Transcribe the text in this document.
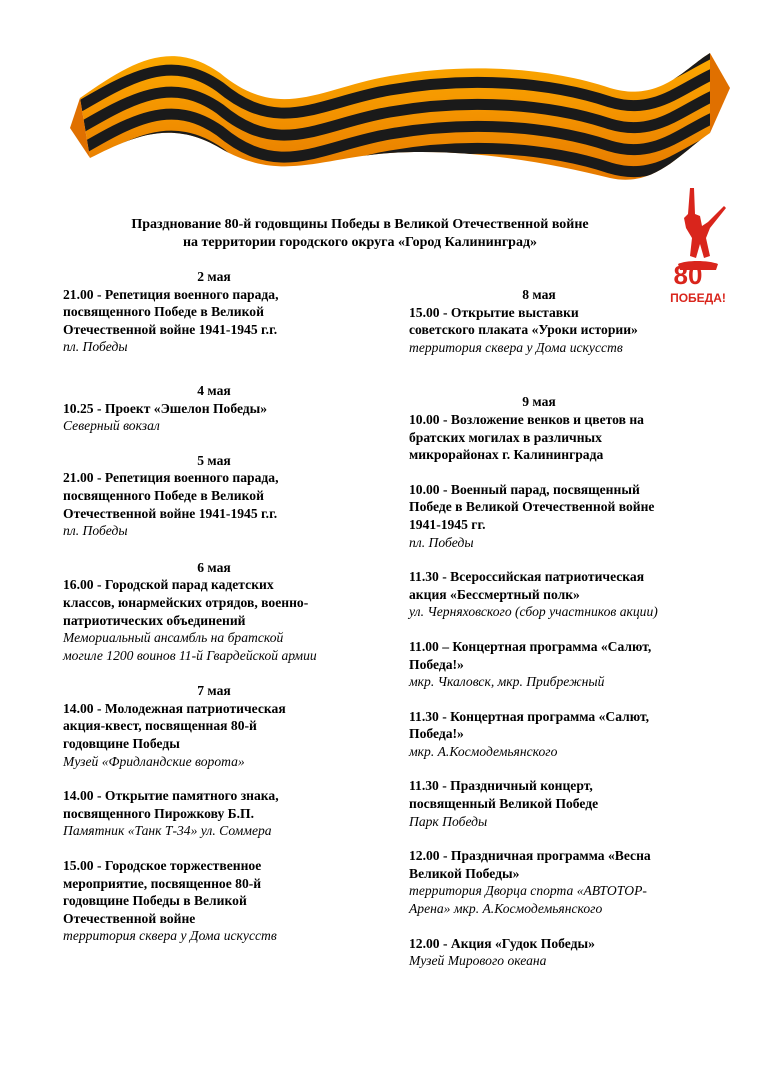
80
ПОБЕДА!
Празднование 80-й годовщины Победы в Великой Отечественной войне
на территории городского округа «Город Калининград»
2 мая
21.00 - Репетиция военного парада,
посвященного Победе в Великой
Отечественной войне 1941-1945 г.г.
пл. Победы
4 мая
10.25 - Проект «Эшелон Победы»
Северный вокзал
5 мая
21.00 - Репетиция военного парада,
посвященного Победе в Великой
Отечественной войне 1941-1945 г.г.
пл. Победы
6 мая
16.00 - Городской парад кадетских
классов, юнармейских отрядов, военно-
патриотических объединений
Мемориальный ансамбль на братской
могиле 1200 воинов 11-й Гвардейской армии
7 мая
14.00 - Молодежная патриотическая
акция-квест, посвященная 80-й
годовщине Победы
Музей «Фридландские ворота»
14.00 - Открытие памятного знака,
посвященного Пирожкову Б.П.
Памятник «Танк Т-34» ул. Соммера
15.00 - Городское торжественное
мероприятие, посвященное 80-й
годовщине Победы в Великой
Отечественной войне
территория сквера у Дома искусств
8 мая
15.00 - Открытие выставки
советского плаката «Уроки истории»
территория сквера у Дома искусств
9 мая
10.00 - Возложение венков и цветов на
братских могилах в различных
микрорайонах г. Калининграда
10.00 - Военный парад, посвященный
Победе в Великой Отечественной войне
1941-1945 гг.
пл. Победы
11.30 - Всероссийская патриотическая
акция «Бессмертный полк»
ул. Черняховского (сбор участников акции)
11.00 – Концертная программа «Салют,
Победа!»
мкр. Чкаловск, мкр. Прибрежный
11.30 - Концертная программа «Салют,
Победа!»
мкр. А.Космодемьянского
11.30 - Праздничный концерт,
посвященный Великой Победе
Парк Победы
12.00 - Праздничная программа «Весна
Великой Победы»
территория Дворца спорта «АВТОТОР-
Арена» мкр. А.Космодемьянского
12.00 - Акция «Гудок Победы»
Музей Мирового океана
